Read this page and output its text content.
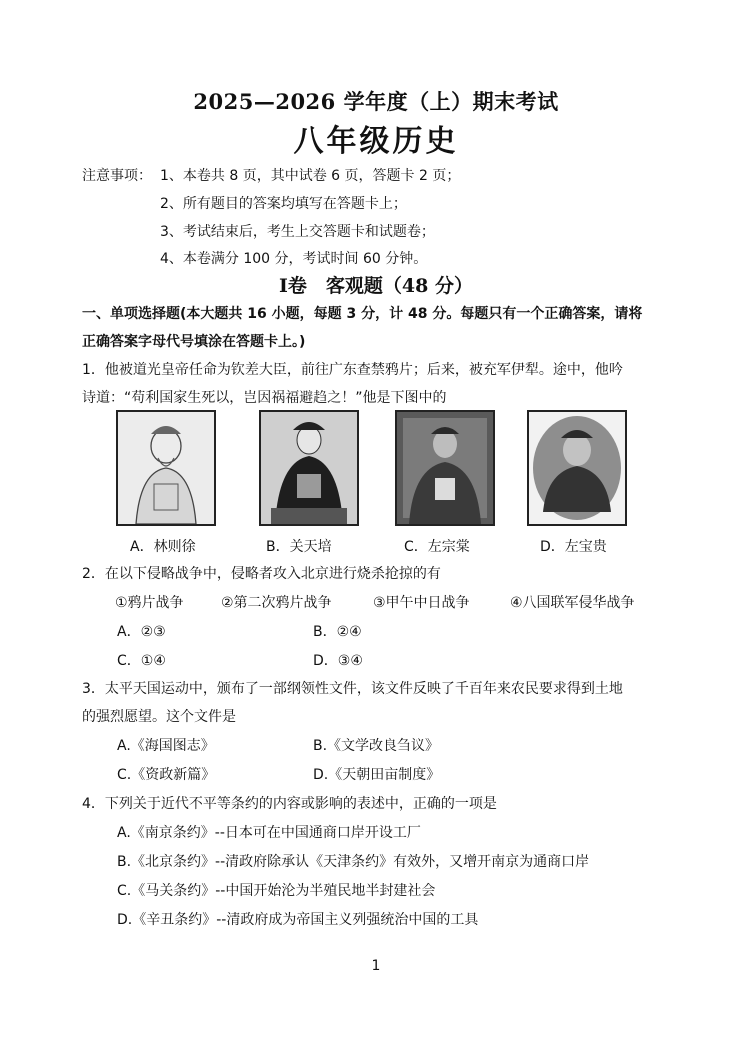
2025—2026 学年度（上）期末考试
八年级历史
注意事项： 1、本卷共 8 页，其中试卷 6 页，答题卡 2 页；
2、所有题目的答案均填写在答题卡上；
3、考试结束后，考生上交答题卡和试题卷；
4、本卷满分 100 分，考试时间 60 分钟。
Ⅰ卷　客观题（48 分）
一、单项选择题(本大题共 16 小题，每题 3 分，计 48 分。每题只有一个正确答案，请将
正确答案字母代号填涂在答题卡上。)
1．他被道光皇帝任命为钦差大臣，前往广东查禁鸦片；后来，被充军伊犁。途中，他吟
诗道：“苟利国家生死以，岂因祸福避趋之！”他是下图中的
A．林则徐	B．关天培	C．左宗棠	D．左宝贵
2．在以下侵略战争中，侵略者攻入北京进行烧杀抢掠的有
①鸦片战争	②第二次鸦片战争	③甲午中日战争	④八国联军侵华战争
A．②③	B．②④
C．①④	D．③④
3．太平天国运动中，颁布了一部纲领性文件，该文件反映了千百年来农民要求得到土地
的强烈愿望。这个文件是
A.《海国图志》	B.《文学改良刍议》
C.《资政新篇》	D.《天朝田亩制度》
4．下列关于近代不平等条约的内容或影响的表述中，正确的一项是
A.《南京条约》--日本可在中国通商口岸开设工厂
B.《北京条约》--清政府除承认《天津条约》有效外，又增开南京为通商口岸
C.《马关条约》--中国开始沦为半殖民地半封建社会
D.《辛丑条约》--清政府成为帝国主义列强统治中国的工具
1
